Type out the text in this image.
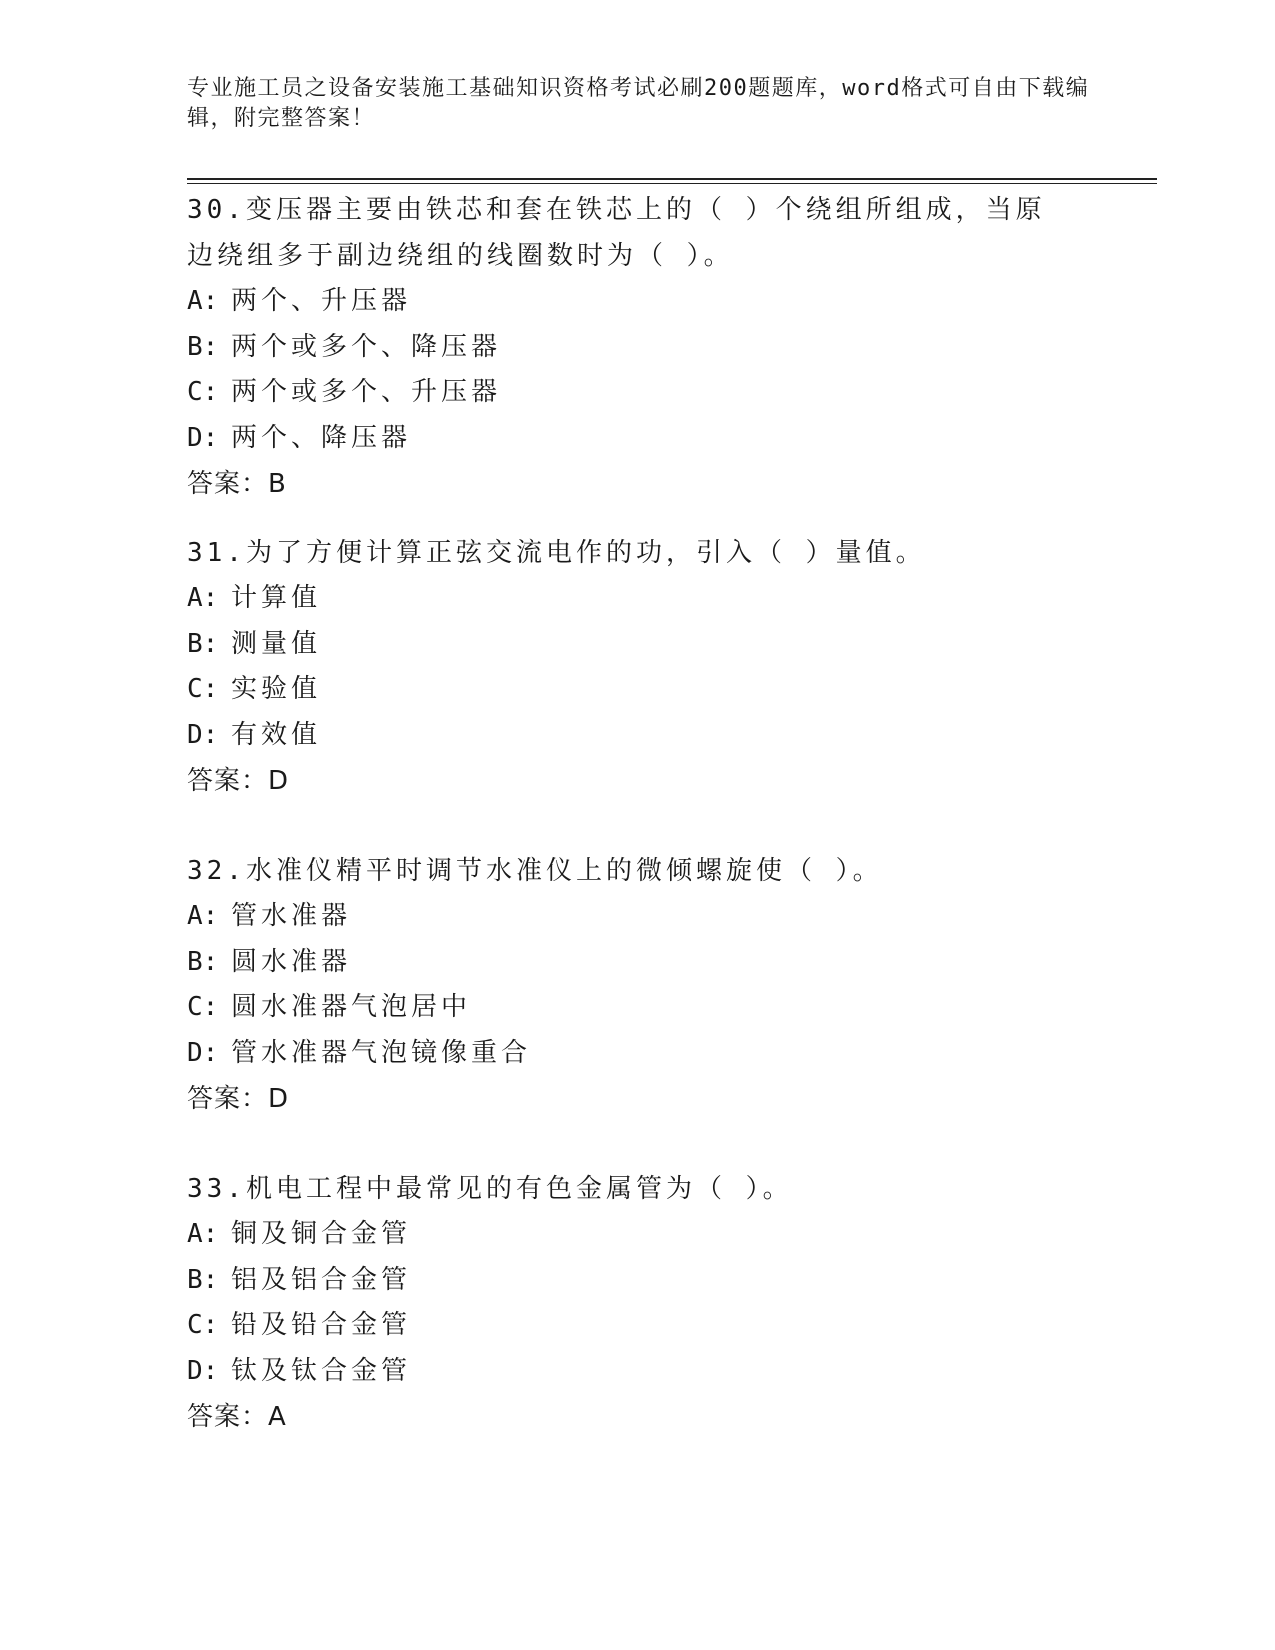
专业施工员之设备安装施工基础知识资格考试必刷200题题库，word格式可自由下载编辑，附完整答案！

30.变压器主要由铁芯和套在铁芯上的（ ）个绕组所组成，当原边绕组多于副边绕组的线圈数时为（ ）。

A: 两个、升压器

B: 两个或多个、降压器

C: 两个或多个、升压器

D: 两个、降压器

答案：B

31.为了方便计算正弦交流电作的功，引入（ ）量值。

A: 计算值

B: 测量值

C: 实验值

D: 有效值

答案：D

32.水准仪精平时调节水准仪上的微倾螺旋使（ ）。

A: 管水准器

B: 圆水准器

C: 圆水准器气泡居中

D: 管水准器气泡镜像重合

答案：D

33.机电工程中最常见的有色金属管为（ ）。

A: 铜及铜合金管

B: 铝及铝合金管

C: 铅及铅合金管

D: 钛及钛合金管

答案：A
